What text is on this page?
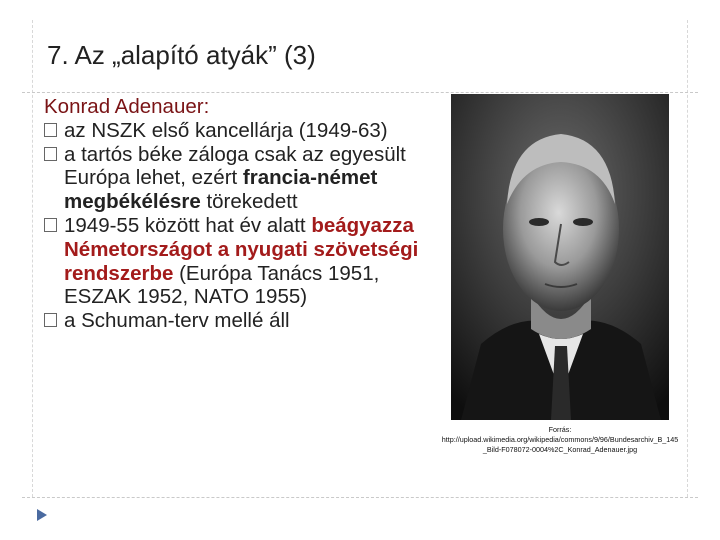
7. Az „alapító atyák” (3)
Konrad Adenauer:
az NSZK első kancellárja (1949-63)
a tartós béke záloga csak az egyesült Európa lehet, ezért francia-német megbékélésre törekedett
1949-55 között hat év alatt beágyazza Németországot a nyugati szövetségi rendszerbe (Európa Tanács 1951, ESZAK 1952, NATO 1955)
a Schuman-terv mellé áll
Forrás:
http://upload.wikimedia.org/wikipedia/commons/9/96/Bundesarchiv_B_145_Bild-F078072-0004%2C_Konrad_Adenauer.jpg
